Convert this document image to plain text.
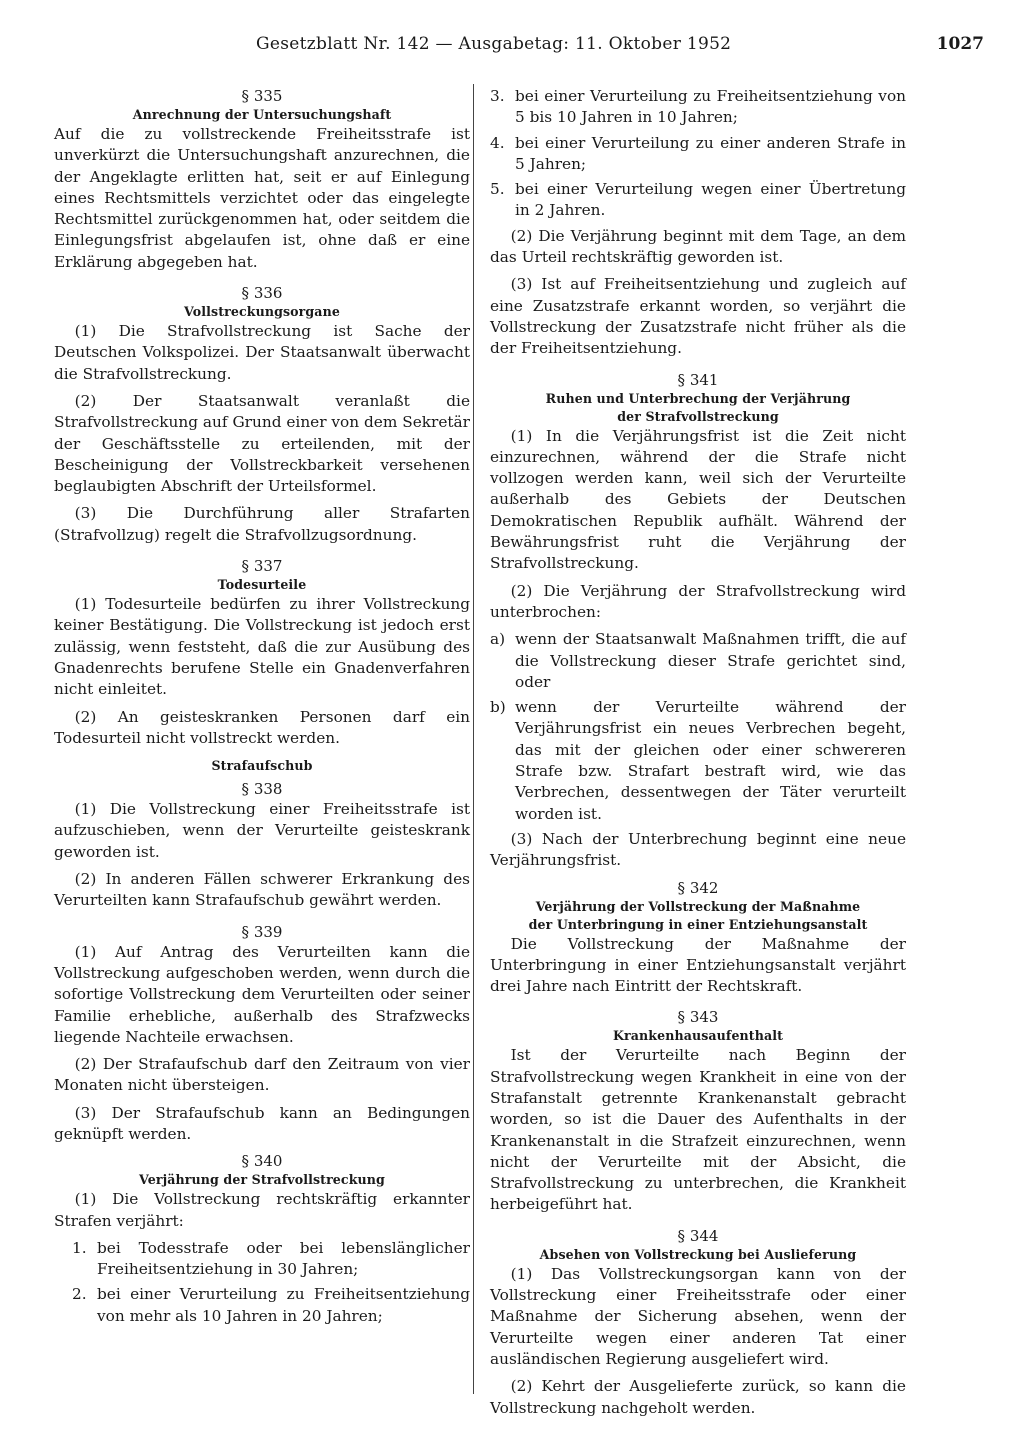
Gesetzblatt Nr. 142 — Ausgabetag: 11. Oktober 1952	1027
§ 335
Anrechnung der Untersuchungshaft
Auf die zu vollstreckende Freiheitsstrafe ist unverkürzt die Untersuchungshaft anzurechnen, die der Angeklagte erlitten hat, seit er auf Einlegung eines Rechtsmittels verzichtet oder das eingelegte Rechtsmittel zurückgenommen hat, oder seitdem die Einlegungsfrist abgelaufen ist, ohne daß er eine Erklärung abgegeben hat.
§ 336
Vollstreckungsorgane
(1) Die Strafvollstreckung ist Sache der Deutschen Volkspolizei. Der Staatsanwalt überwacht die Strafvollstreckung.
(2) Der Staatsanwalt veranlaßt die Strafvollstreckung auf Grund einer von dem Sekretär der Geschäftsstelle zu erteilenden, mit der Bescheinigung der Vollstreckbarkeit versehenen beglaubigten Abschrift der Urteilsformel.
(3) Die Durchführung aller Strafarten (Strafvollzug) regelt die Strafvollzugsordnung.
§ 337
Todesurteile
(1) Todesurteile bedürfen zu ihrer Vollstreckung keiner Bestätigung. Die Vollstreckung ist jedoch erst zulässig, wenn feststeht, daß die zur Ausübung des Gnadenrechts berufene Stelle ein Gnadenverfahren nicht einleitet.
(2) An geisteskranken Personen darf ein Todesurteil nicht vollstreckt werden.
Strafaufschub
§ 338
(1) Die Vollstreckung einer Freiheitsstrafe ist aufzuschieben, wenn der Verurteilte geisteskrank geworden ist.
(2) In anderen Fällen schwerer Erkrankung des Verurteilten kann Strafaufschub gewährt werden.
§ 339
(1) Auf Antrag des Verurteilten kann die Vollstreckung aufgeschoben werden, wenn durch die sofortige Vollstreckung dem Verurteilten oder seiner Familie erhebliche, außerhalb des Strafzwecks liegende Nachteile erwachsen.
(2) Der Strafaufschub darf den Zeitraum von vier Monaten nicht übersteigen.
(3) Der Strafaufschub kann an Bedingungen geknüpft werden.
§ 340
Verjährung der Strafvollstreckung
(1) Die Vollstreckung rechtskräftig erkannter Strafen verjährt:
1. bei Todesstrafe oder bei lebenslänglicher Freiheitsentziehung in 30 Jahren;
2. bei einer Verurteilung zu Freiheitsentziehung von mehr als 10 Jahren in 20 Jahren;
3. bei einer Verurteilung zu Freiheitsentziehung von 5 bis 10 Jahren in 10 Jahren;
4. bei einer Verurteilung zu einer anderen Strafe in 5 Jahren;
5. bei einer Verurteilung wegen einer Übertretung in 2 Jahren.
(2) Die Verjährung beginnt mit dem Tage, an dem das Urteil rechtskräftig geworden ist.
(3) Ist auf Freiheitsentziehung und zugleich auf eine Zusatzstrafe erkannt worden, so verjährt die Vollstreckung der Zusatzstrafe nicht früher als die der Freiheitsentziehung.
§ 341
Ruhen und Unterbrechung der Verjährung
der Strafvollstreckung
(1) In die Verjährungsfrist ist die Zeit nicht einzurechnen, während der die Strafe nicht vollzogen werden kann, weil sich der Verurteilte außerhalb des Gebiets der Deutschen Demokratischen Republik aufhält. Während der Bewährungsfrist ruht die Verjährung der Strafvollstreckung.
(2) Die Verjährung der Strafvollstreckung wird unterbrochen:
a) wenn der Staatsanwalt Maßnahmen trifft, die auf die Vollstreckung dieser Strafe gerichtet sind, oder
b) wenn der Verurteilte während der Verjährungsfrist ein neues Verbrechen begeht, das mit der gleichen oder einer schwereren Strafe bzw. Strafart bestraft wird, wie das Verbrechen, dessentwegen der Täter verurteilt worden ist.
(3) Nach der Unterbrechung beginnt eine neue Verjährungsfrist.
§ 342
Verjährung der Vollstreckung der Maßnahme
der Unterbringung in einer Entziehungsanstalt
Die Vollstreckung der Maßnahme der Unterbringung in einer Entziehungsanstalt verjährt drei Jahre nach Eintritt der Rechtskraft.
§ 343
Krankenhausaufenthalt
Ist der Verurteilte nach Beginn der Strafvollstreckung wegen Krankheit in eine von der Strafanstalt getrennte Krankenanstalt gebracht worden, so ist die Dauer des Aufenthalts in der Krankenanstalt in die Strafzeit einzurechnen, wenn nicht der Verurteilte mit der Absicht, die Strafvollstreckung zu unterbrechen, die Krankheit herbeigeführt hat.
§ 344
Absehen von Vollstreckung bei Auslieferung
(1) Das Vollstreckungsorgan kann von der Vollstreckung einer Freiheitsstrafe oder einer Maßnahme der Sicherung absehen, wenn der Verurteilte wegen einer anderen Tat einer ausländischen Regierung ausgeliefert wird.
(2) Kehrt der Ausgelieferte zurück, so kann die Vollstreckung nachgeholt werden.
